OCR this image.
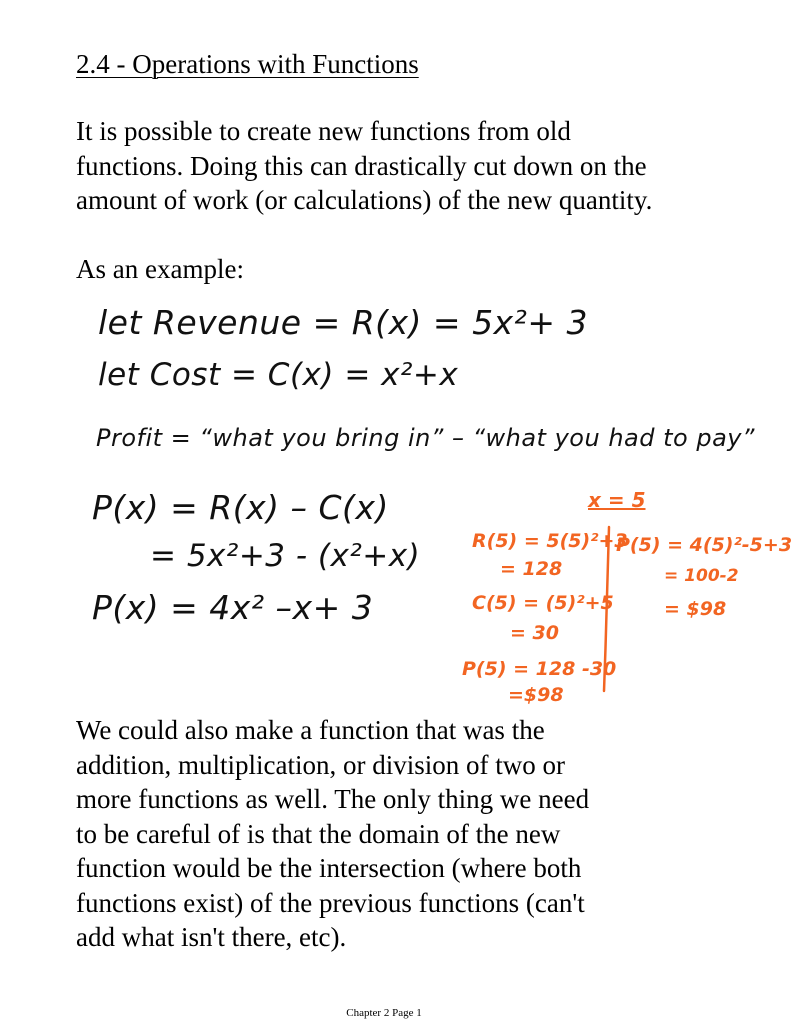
2.4 - Operations with Functions

It is possible to create new functions from old
functions. Doing this can drastically cut down on the
amount of work (or calculations) of the new quantity.

As an example:

let Revenue = R(x) = 5x²+ 3
let Cost = C(x) = x²+x
Profit = “what you bring in” – “what you had to pay”
P(x) = R(x) – C(x)
= 5x²+3 - (x²+x)
P(x) = 4x² –x+ 3
x = 5
R(5) = 5(5)²+3
= 128
C(5) = (5)²+5
= 30
P(5) = 128 -30
=$98
P(5) = 4(5)²-5+3
= 100-2
= $98

We could also make a function that was the
addition, multiplication, or division of two or
more functions as well. The only thing we need
to be careful of is that the domain of the new
function would be the intersection (where both
functions exist) of the previous functions (can't
add what isn't there, etc).

Chapter 2 Page 1
